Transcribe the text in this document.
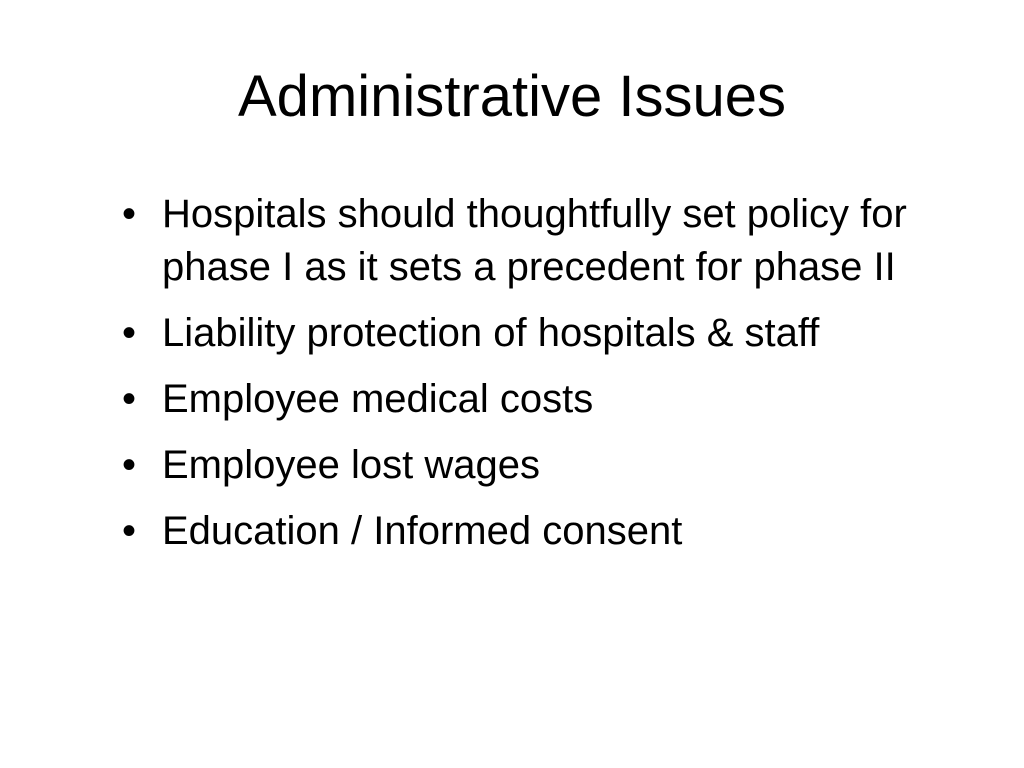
Administrative Issues
• Hospitals should thoughtfully set policy for phase I as it sets a precedent for phase II
• Liability protection of hospitals & staff
• Employee medical costs
• Employee lost wages
• Education / Informed consent
